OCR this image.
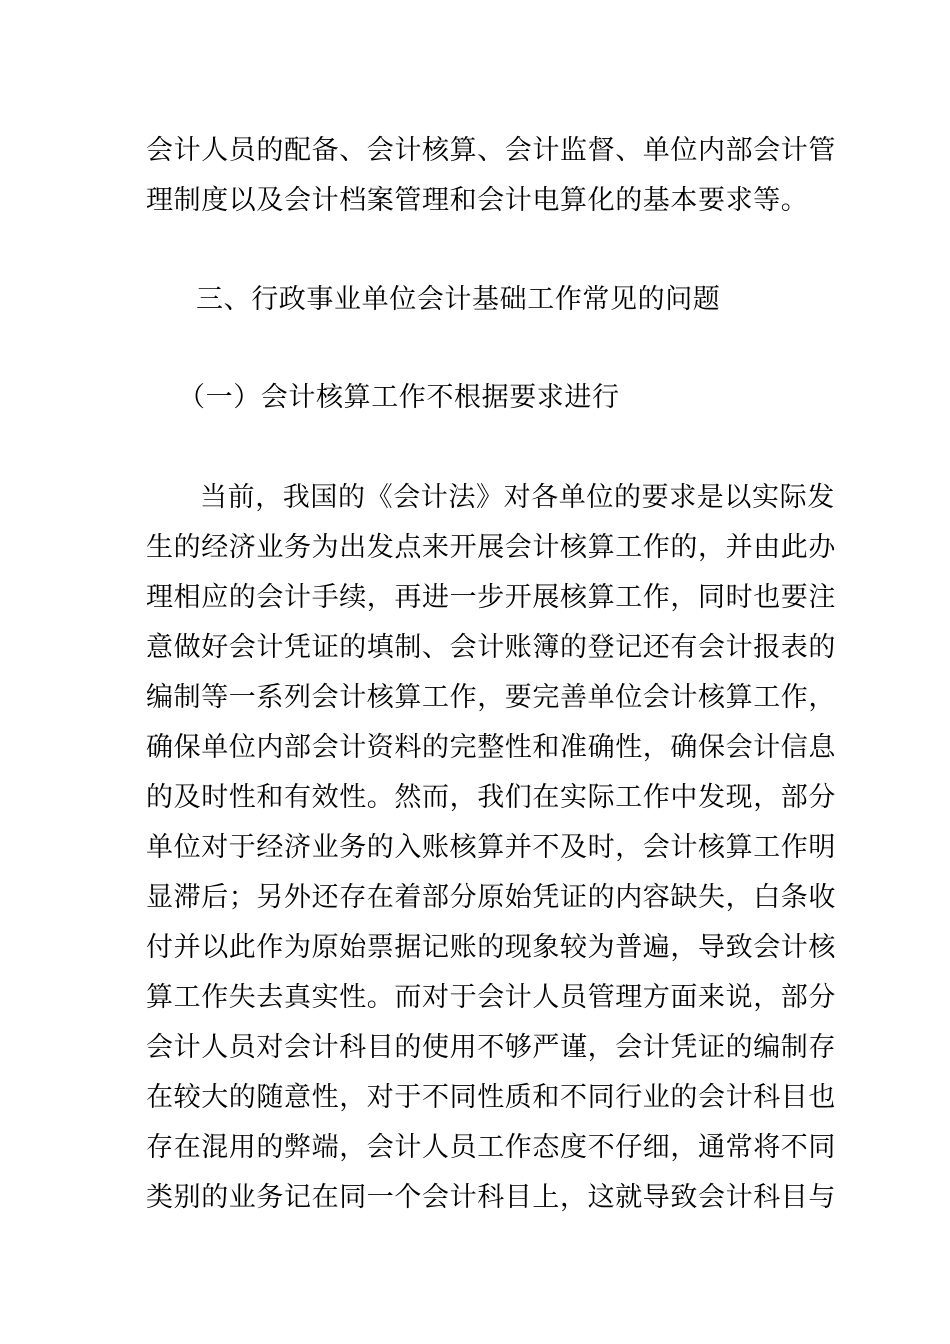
会计人员的配备、会计核算、会计监督、单位内部会计管
理制度以及会计档案管理和会计电算化的基本要求等。
三、行政事业单位会计基础工作常见的问题
（一）会计核算工作不根据要求进行
当前，我国的《会计法》对各单位的要求是以实际发
生的经济业务为出发点来开展会计核算工作的，并由此办
理相应的会计手续，再进一步开展核算工作，同时也要注
意做好会计凭证的填制、会计账簿的登记还有会计报表的
编制等一系列会计核算工作，要完善单位会计核算工作，
确保单位内部会计资料的完整性和准确性，确保会计信息
的及时性和有效性。然而，我们在实际工作中发现，部分
单位对于经济业务的入账核算并不及时，会计核算工作明
显滞后；另外还存在着部分原始凭证的内容缺失，白条收
付并以此作为原始票据记账的现象较为普遍，导致会计核
算工作失去真实性。而对于会计人员管理方面来说，部分
会计人员对会计科目的使用不够严谨，会计凭证的编制存
在较大的随意性，对于不同性质和不同行业的会计科目也
存在混用的弊端，会计人员工作态度不仔细，通常将不同
类别的业务记在同一个会计科目上，这就导致会计科目与
